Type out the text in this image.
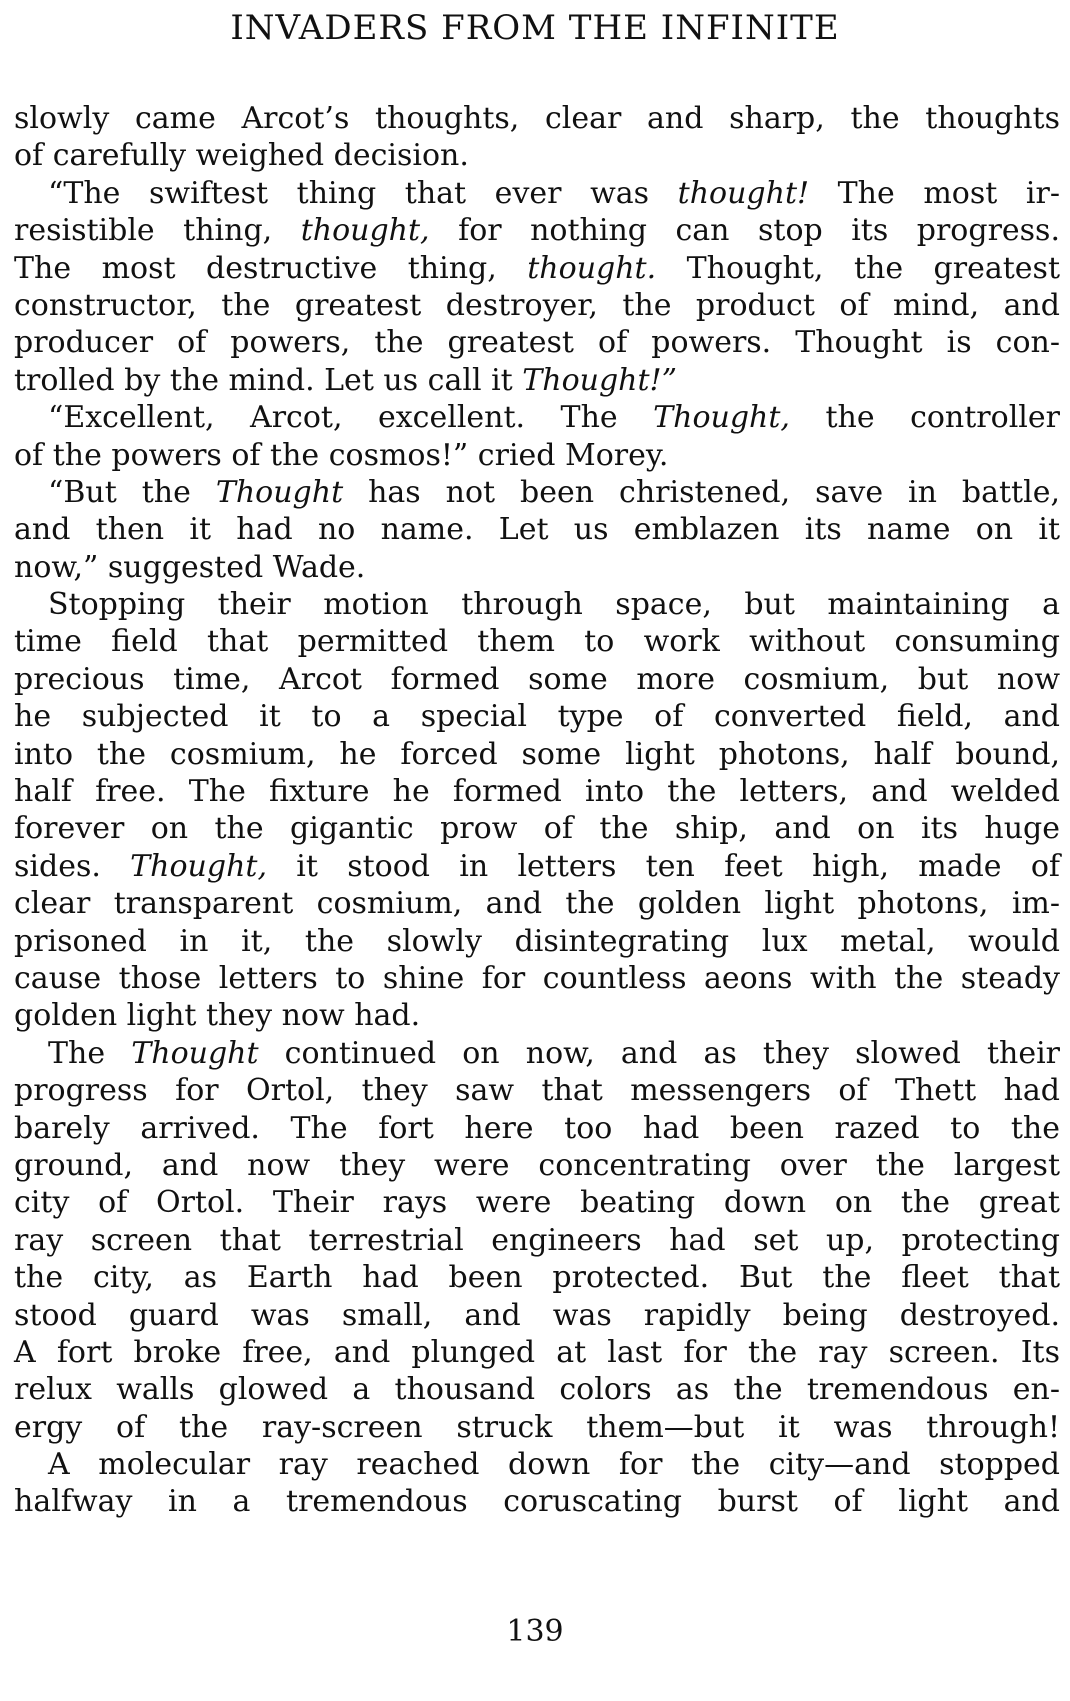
INVADERS FROM THE INFINITE
slowly came Arcot’s thoughts, clear and sharp, the thoughts
of carefully weighed decision.
“The swiftest thing that ever was thought! The most ir-
resistible thing, thought, for nothing can stop its progress.
The most destructive thing, thought. Thought, the greatest
constructor, the greatest destroyer, the product of mind, and
producer of powers, the greatest of powers. Thought is con-
trolled by the mind. Let us call it Thought!”
“Excellent, Arcot, excellent. The Thought, the controller
of the powers of the cosmos!” cried Morey.
“But the Thought has not been christened, save in battle,
and then it had no name. Let us emblazen its name on it
now,” suggested Wade.
Stopping their motion through space, but maintaining a
time field that permitted them to work without consuming
precious time, Arcot formed some more cosmium, but now
he subjected it to a special type of converted field, and
into the cosmium, he forced some light photons, half bound,
half free. The fixture he formed into the letters, and welded
forever on the gigantic prow of the ship, and on its huge
sides. Thought, it stood in letters ten feet high, made of
clear transparent cosmium, and the golden light photons, im-
prisoned in it, the slowly disintegrating lux metal, would
cause those letters to shine for countless aeons with the steady
golden light they now had.
The Thought continued on now, and as they slowed their
progress for Ortol, they saw that messengers of Thett had
barely arrived. The fort here too had been razed to the
ground, and now they were concentrating over the largest
city of Ortol. Their rays were beating down on the great
ray screen that terrestrial engineers had set up, protecting
the city, as Earth had been protected. But the fleet that
stood guard was small, and was rapidly being destroyed.
A fort broke free, and plunged at last for the ray screen. Its
relux walls glowed a thousand colors as the tremendous en-
ergy of the ray-screen struck them—but it was through!
A molecular ray reached down for the city—and stopped
halfway in a tremendous coruscating burst of light and
139
